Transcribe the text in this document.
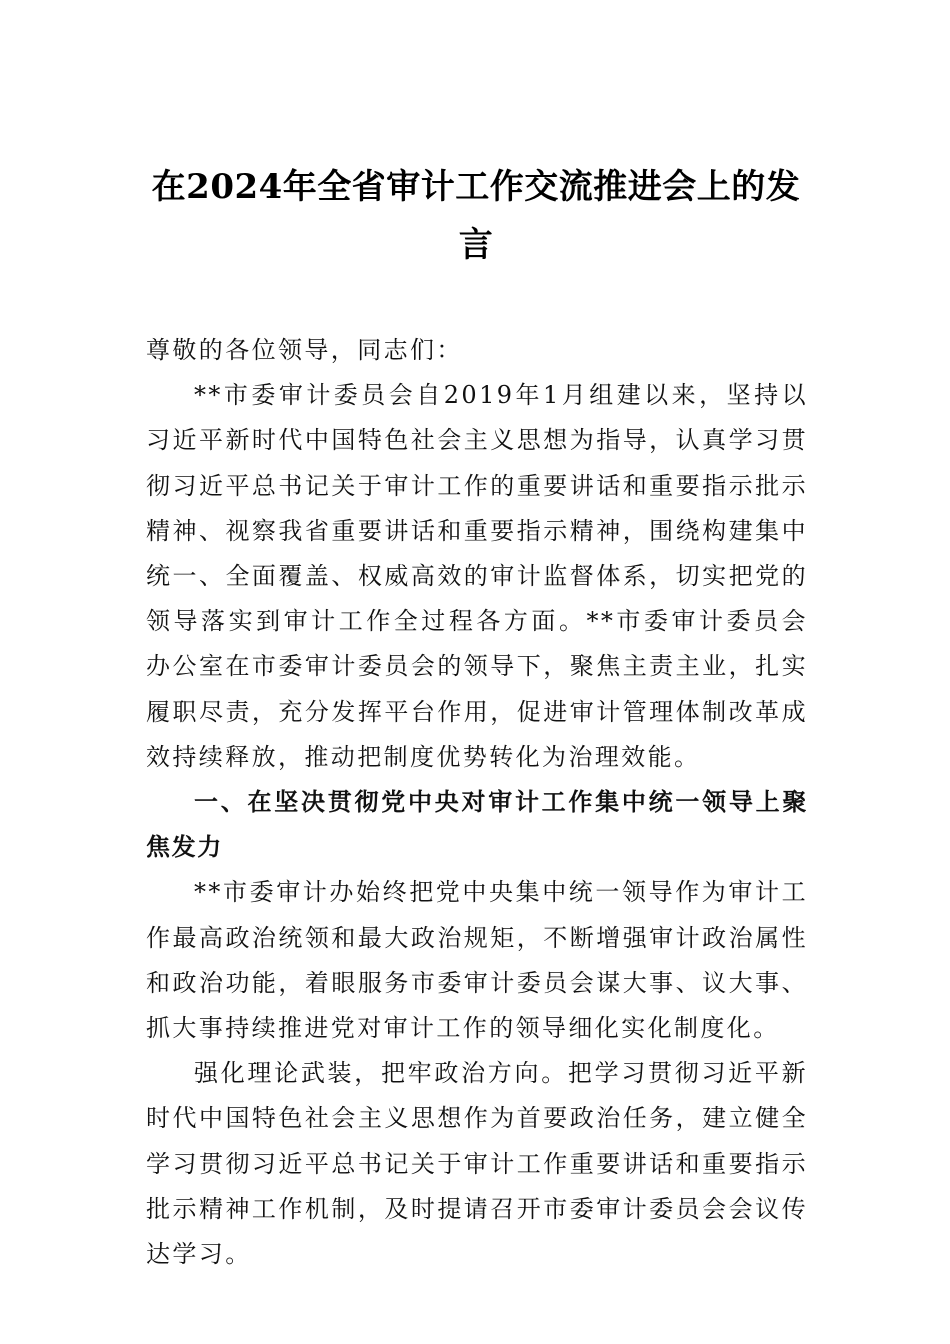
在2024年全省审计工作交流推进会上的发言

尊敬的各位领导，同志们：

**市委审计委员会自2019年1月组建以来，坚持以习近平新时代中国特色社会主义思想为指导，认真学习贯彻习近平总书记关于审计工作的重要讲话和重要指示批示精神、视察我省重要讲话和重要指示精神，围绕构建集中统一、全面覆盖、权威高效的审计监督体系，切实把党的领导落实到审计工作全过程各方面。**市委审计委员会办公室在市委审计委员会的领导下，聚焦主责主业，扎实履职尽责，充分发挥平台作用，促进审计管理体制改革成效持续释放，推动把制度优势转化为治理效能。

一、在坚决贯彻党中央对审计工作集中统一领导上聚焦发力

**市委审计办始终把党中央集中统一领导作为审计工作最高政治统领和最大政治规矩，不断增强审计政治属性和政治功能，着眼服务市委审计委员会谋大事、议大事、抓大事持续推进党对审计工作的领导细化实化制度化。

强化理论武装，把牢政治方向。把学习贯彻习近平新时代中国特色社会主义思想作为首要政治任务，建立健全学习贯彻习近平总书记关于审计工作重要讲话和重要指示批示精神工作机制，及时提请召开市委审计委员会会议传达学习。
